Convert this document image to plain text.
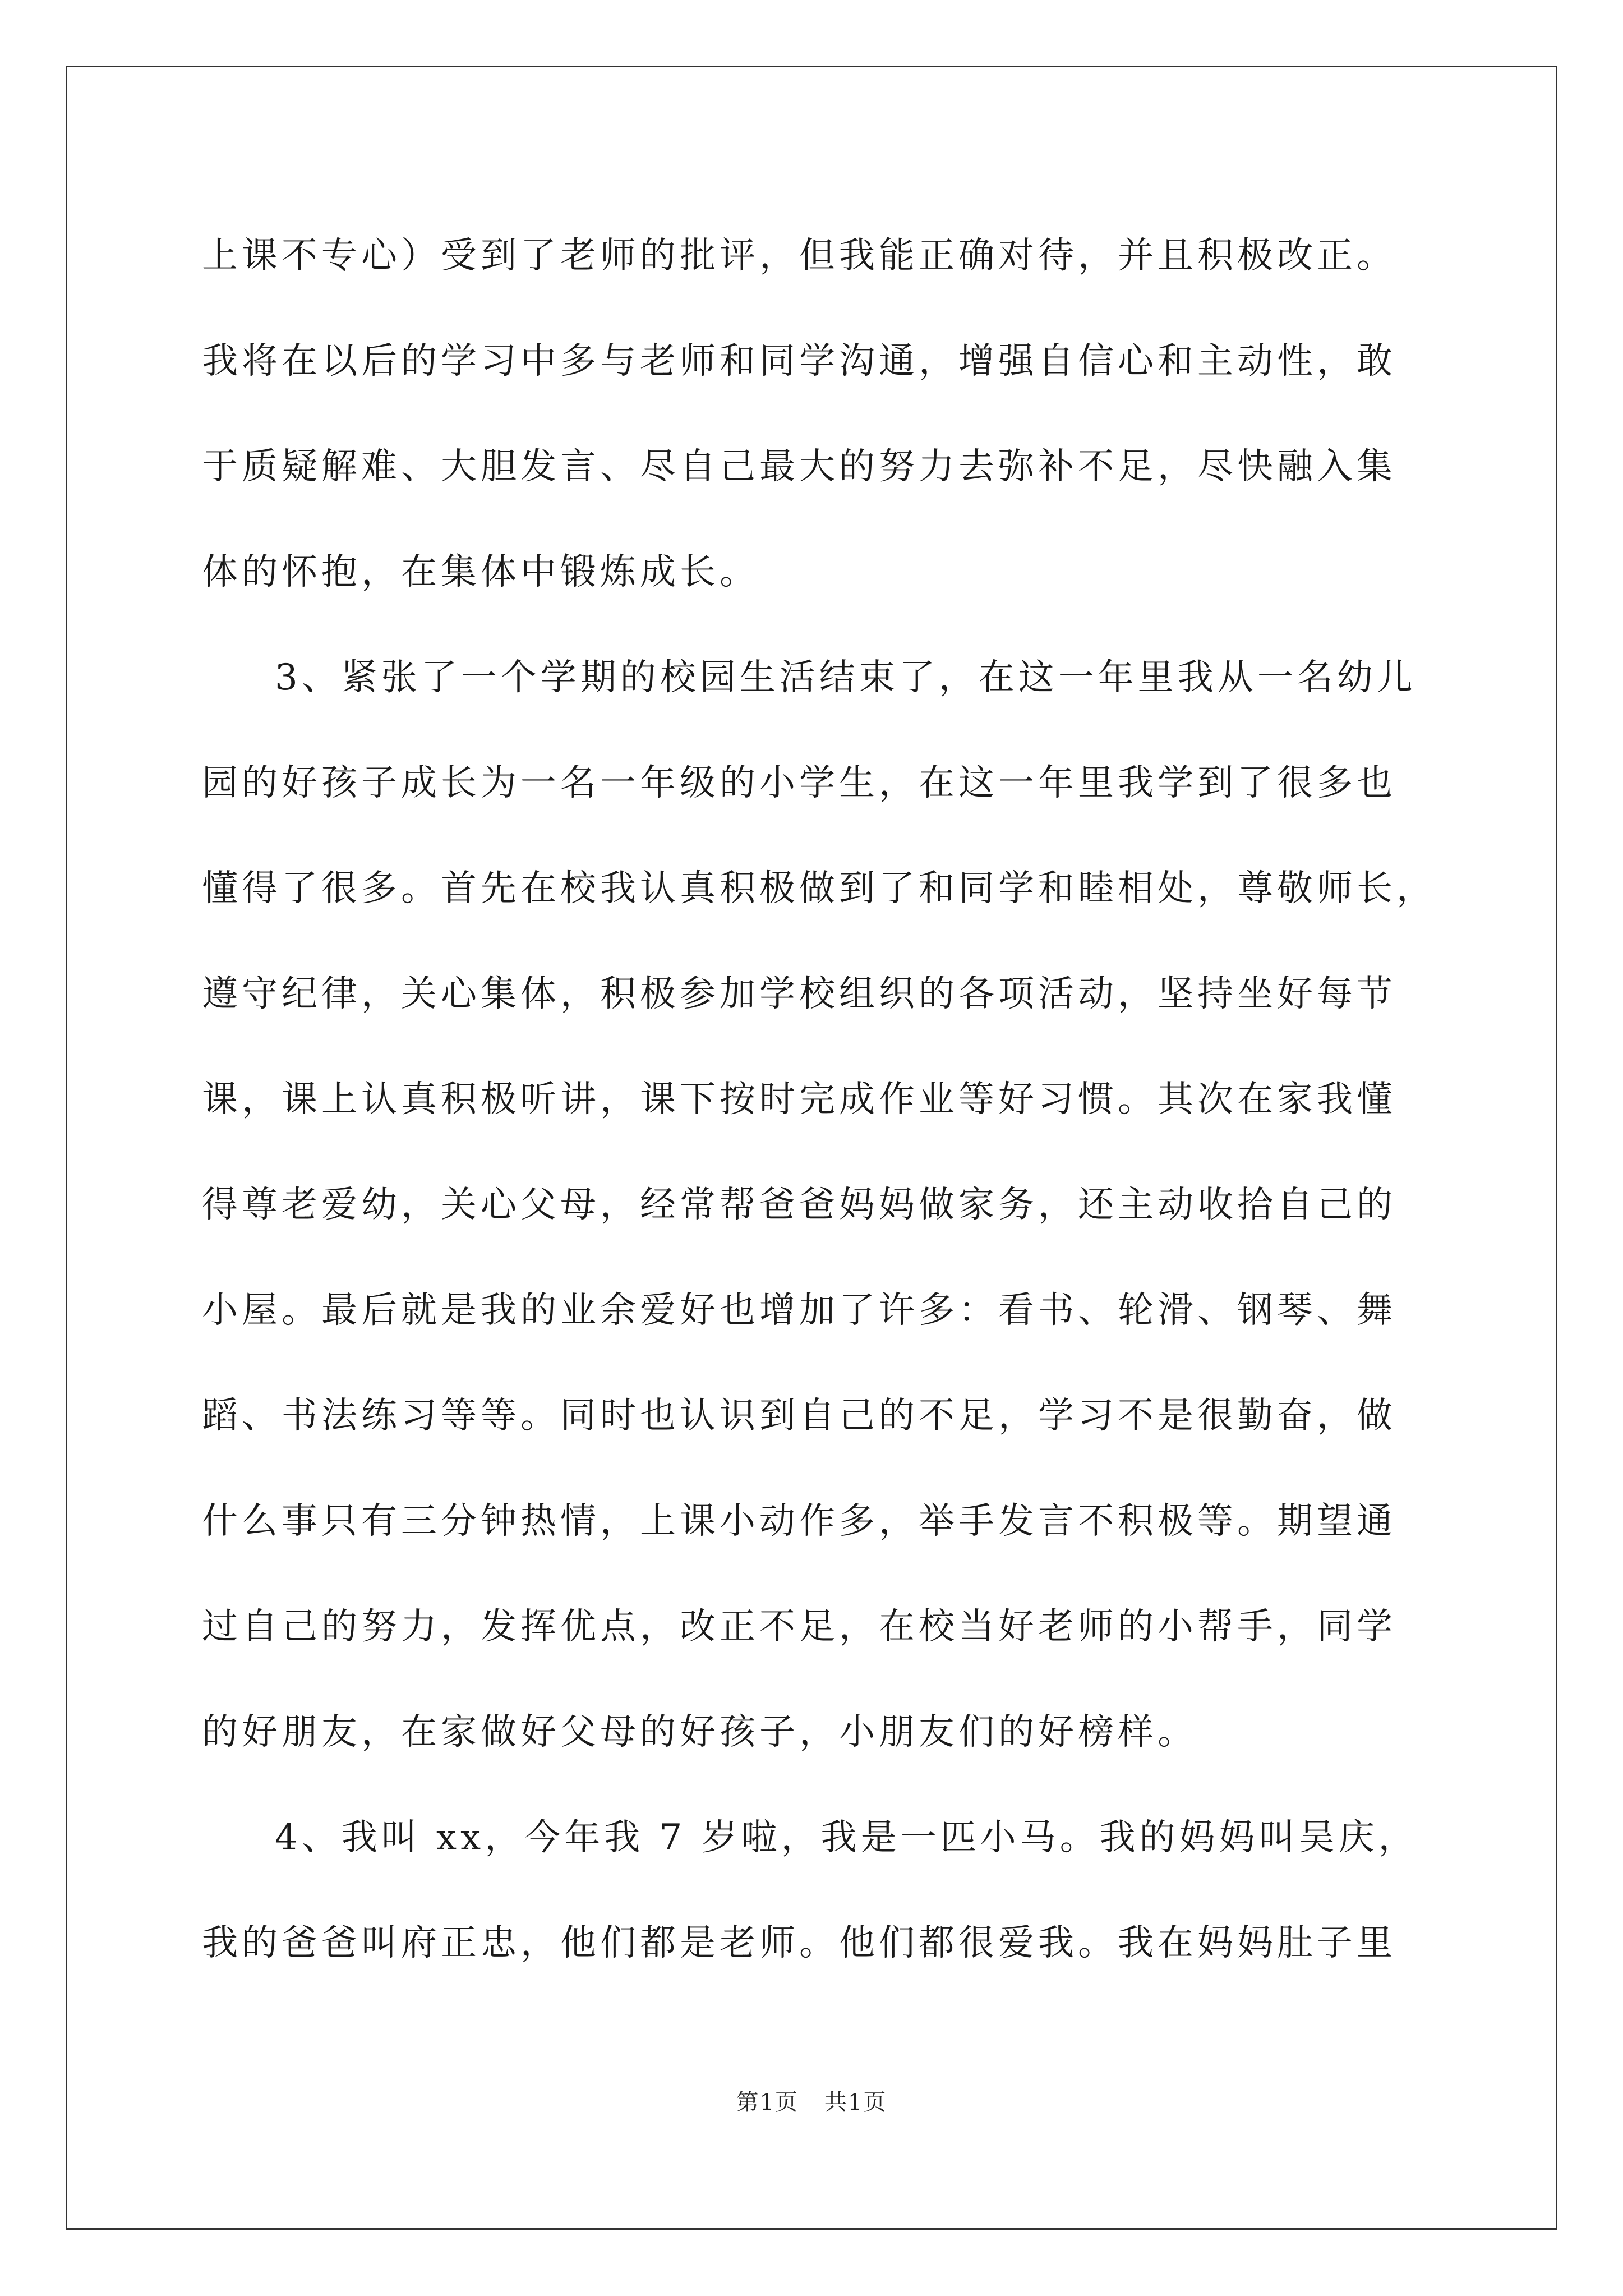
上课不专心）受到了老师的批评，但我能正确对待，并且积极改正。
我将在以后的学习中多与老师和同学沟通，增强自信心和主动性，敢
于质疑解难、大胆发言、尽自己最大的努力去弥补不足，尽快融入集
体的怀抱，在集体中锻炼成长。
3、紧张了一个学期的校园生活结束了，在这一年里我从一名幼儿
园的好孩子成长为一名一年级的小学生，在这一年里我学到了很多也
懂得了很多。首先在校我认真积极做到了和同学和睦相处，尊敬师长，
遵守纪律，关心集体，积极参加学校组织的各项活动，坚持坐好每节
课，课上认真积极听讲，课下按时完成作业等好习惯。其次在家我懂
得尊老爱幼，关心父母，经常帮爸爸妈妈做家务，还主动收拾自己的
小屋。最后就是我的业余爱好也增加了许多：看书、轮滑、钢琴、舞
蹈、书法练习等等。同时也认识到自己的不足，学习不是很勤奋，做
什么事只有三分钟热情，上课小动作多，举手发言不积极等。期望通
过自己的努力，发挥优点，改正不足，在校当好老师的小帮手，同学
的好朋友，在家做好父母的好孩子，小朋友们的好榜样。
4、我叫 xx，今年我 7 岁啦，我是一匹小马。我的妈妈叫吴庆，
我的爸爸叫府正忠，他们都是老师。他们都很爱我。我在妈妈肚子里
第1页 共1页
